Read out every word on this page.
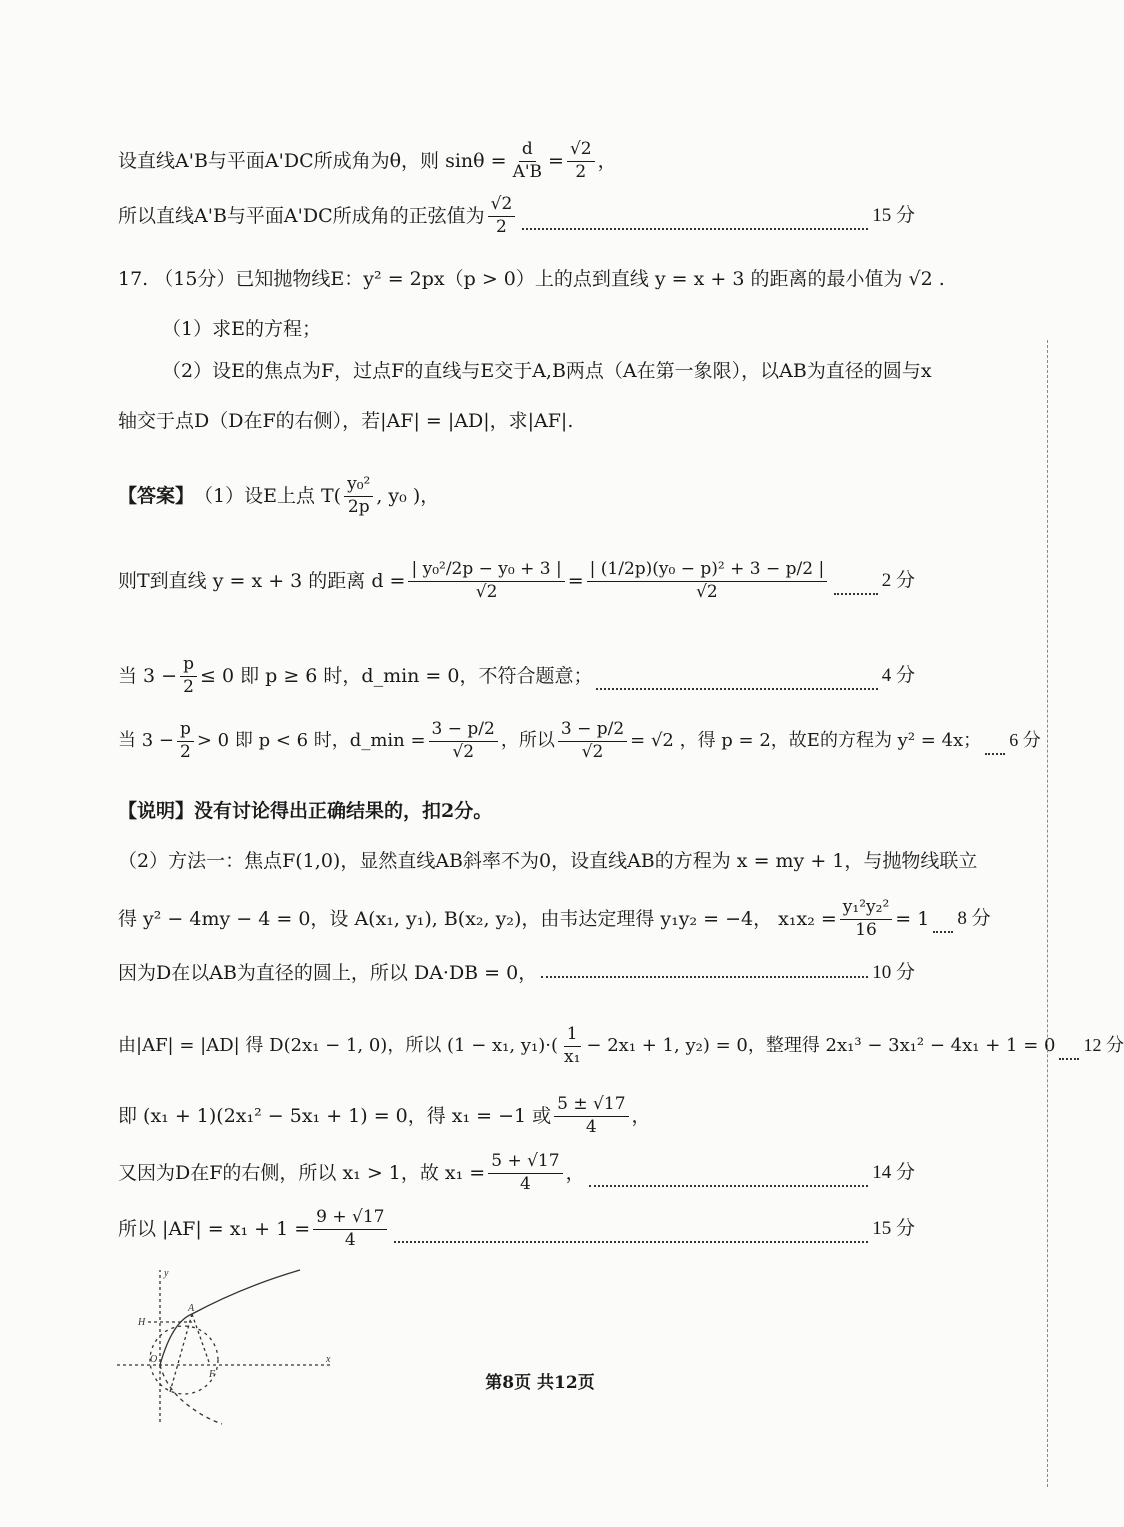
设直线A'B与平面A'DC所成角为θ，则 $\sin\theta = \frac{d}{A'B} = \frac{√2}{2}$ ，
所以直线A'B与平面A'DC所成角的正弦值为 $\frac{√2}{2}$	15 分
17. （15分）已知抛物线E：y² = 2px（p > 0）上的点到直线 y = x + 3 的距离的最小值为 √2 .
（1）求E的方程；
（2）设E的焦点为F，过点F的直线与E交于A,B两点（A在第一象限），以AB为直径的圆与x
轴交于点D（D在F的右侧），若|AF| = |AD|，求|AF|.
【答案】 （1）设E上点 $T( \frac{\text{y₀²}}{2p}$ , y₀ )，
则T到直线 y = x + 3 的距离 $d = \frac{\text{| y₀²/2p − y₀ + 3 |}}{√2} = \frac{\text{| (1/2p)(y₀ − p)² + 3 − p/2 |}}{√2}$	2 分
当 $3 - \frac{p}{2} \le 0$ 即 p ≥ 6 时，d_min = 0，不符合题意；	4 分
当 $3 - \frac{p}{2} > 0$ 即 p < 6 时，d_min = $\frac{3 - p/2}{√2}$ ，所以 $\frac{3 - p/2}{√2} = √2$ ，得 p = 2，故E的方程为 y² = 4x； 6 分
【说明】 没有讨论得出正确结果的，扣2分。
（2）方法一：焦点F(1,0)，显然直线AB斜率不为0，设直线AB的方程为 x = my + 1，与抛物线联立
得 y² − 4my − 4 = 0，设 A(x₁, y₁), B(x₂, y₂)，由韦达定理得 y₁y₂ = −4， $x_1x_2 = \frac{\text{y₁²y₂²}}{16} = 1$ 8 分
因为D在以AB为直径的圆上，所以 DA·DB = 0，	10 分
由|AF| = |AD| 得 D(2x₁ − 1, 0)，所以 (1 − x₁, $y_1)\cdot( \frac{1}{\text{x₁}} - 2x_1 + 1$, y₂) = 0，整理得 2x₁³ − 3x₁² − 4x₁ + 1 = 0 12 分
即 (x₁ + 1)(2x₁² − 5x₁ + 1) = 0，得 x₁ = −1 或 $\frac{5 \pm √17}{4}$ ，
又因为D在F的右侧，所以 x₁ > 1，故 $x_1 = \frac{5 + √17}{4}$ ，	14 分
所以 $|AF| = x_1 + 1 = \frac{9 + √17}{4}$	15 分
y
H
A
O
F
x
第8页 共12页
